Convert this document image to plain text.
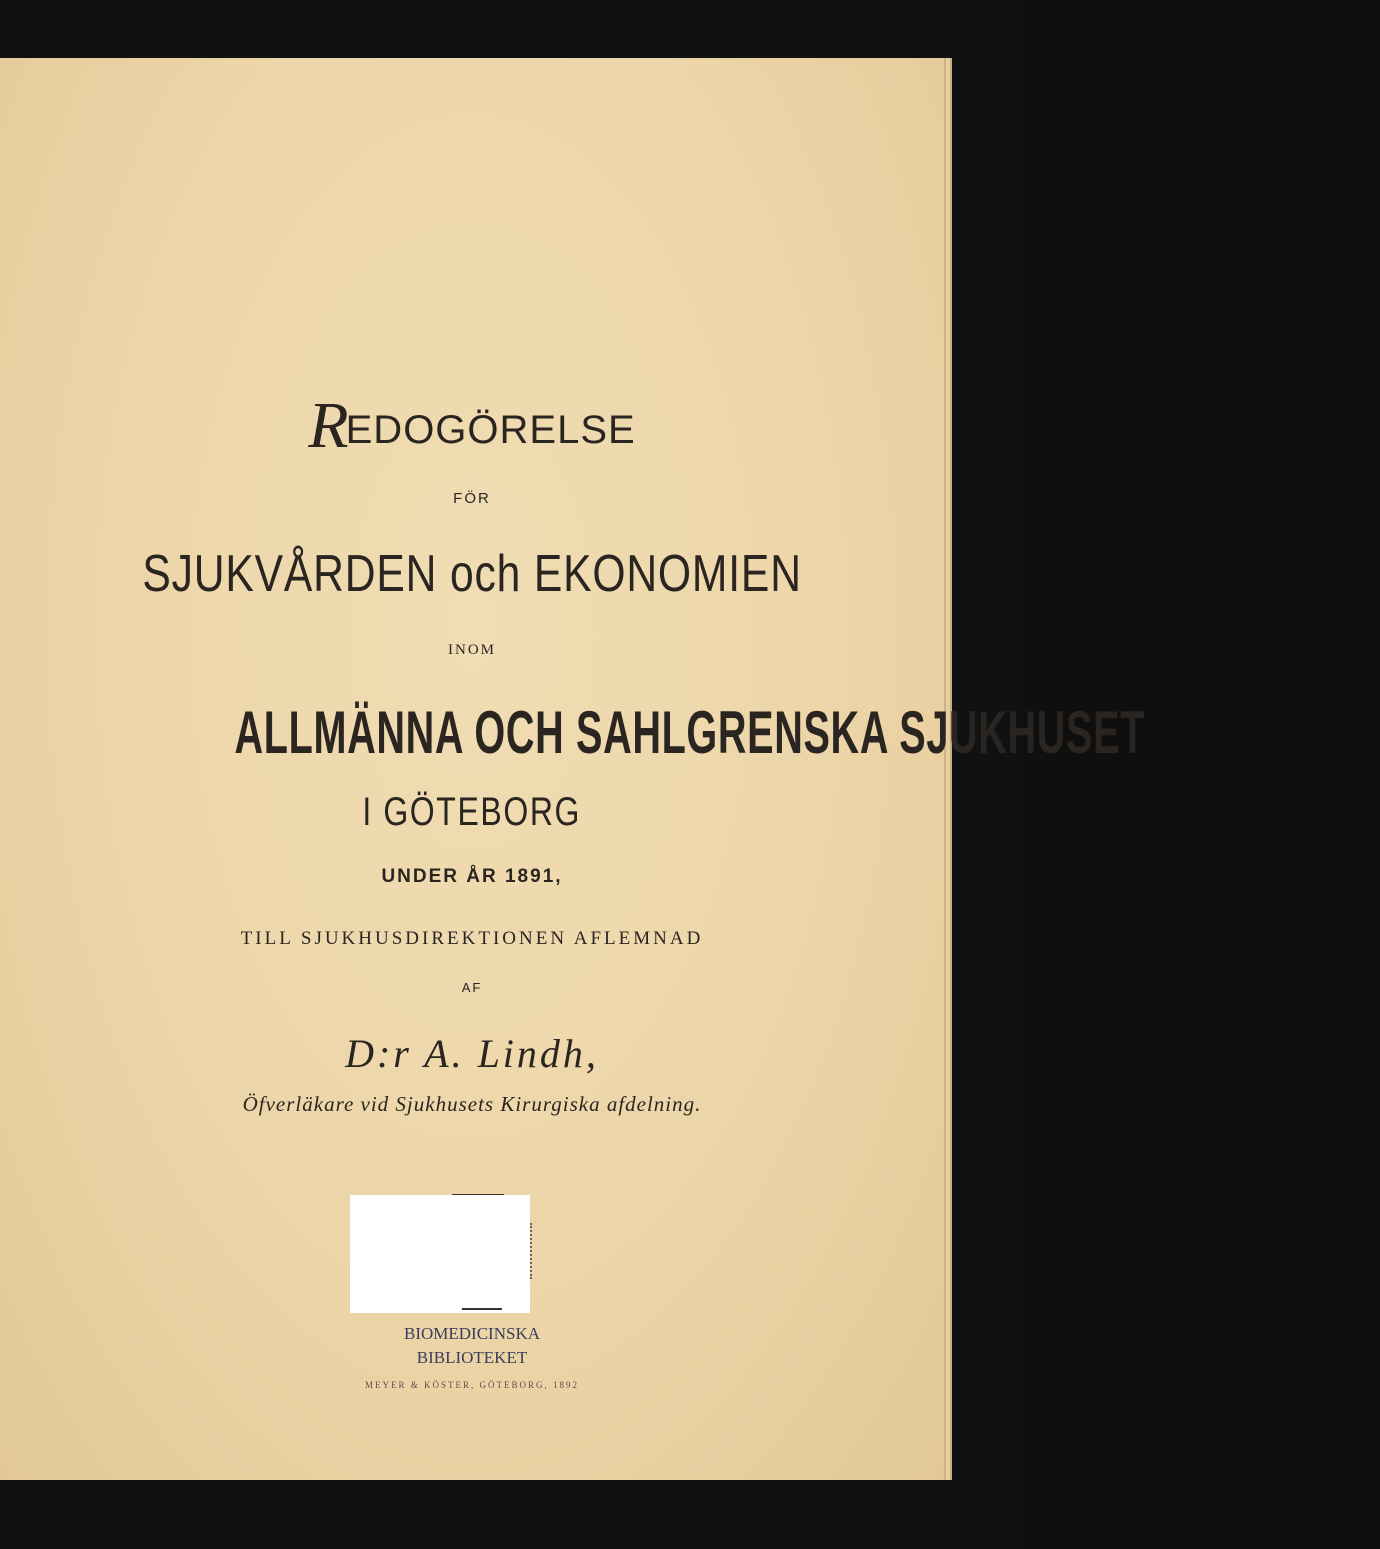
REDOGÖRELSE
FÖR
SJUKVÅRDEN och EKONOMIEN
INOM
ALLMÄNNA OCH SAHLGRENSKA SJUKHUSET
I GÖTEBORG
UNDER ÅR 1891,
TILL SJUKHUSDIREKTIONEN AFLEMNAD
AF
D:r A. Lindh,
Öfverläkare vid Sjukhusets Kirurgiska afdelning.
BIOMEDICINSKA
BIBLIOTEKET
MEYER & KÖSTER, GÖTEBORG, 1892
